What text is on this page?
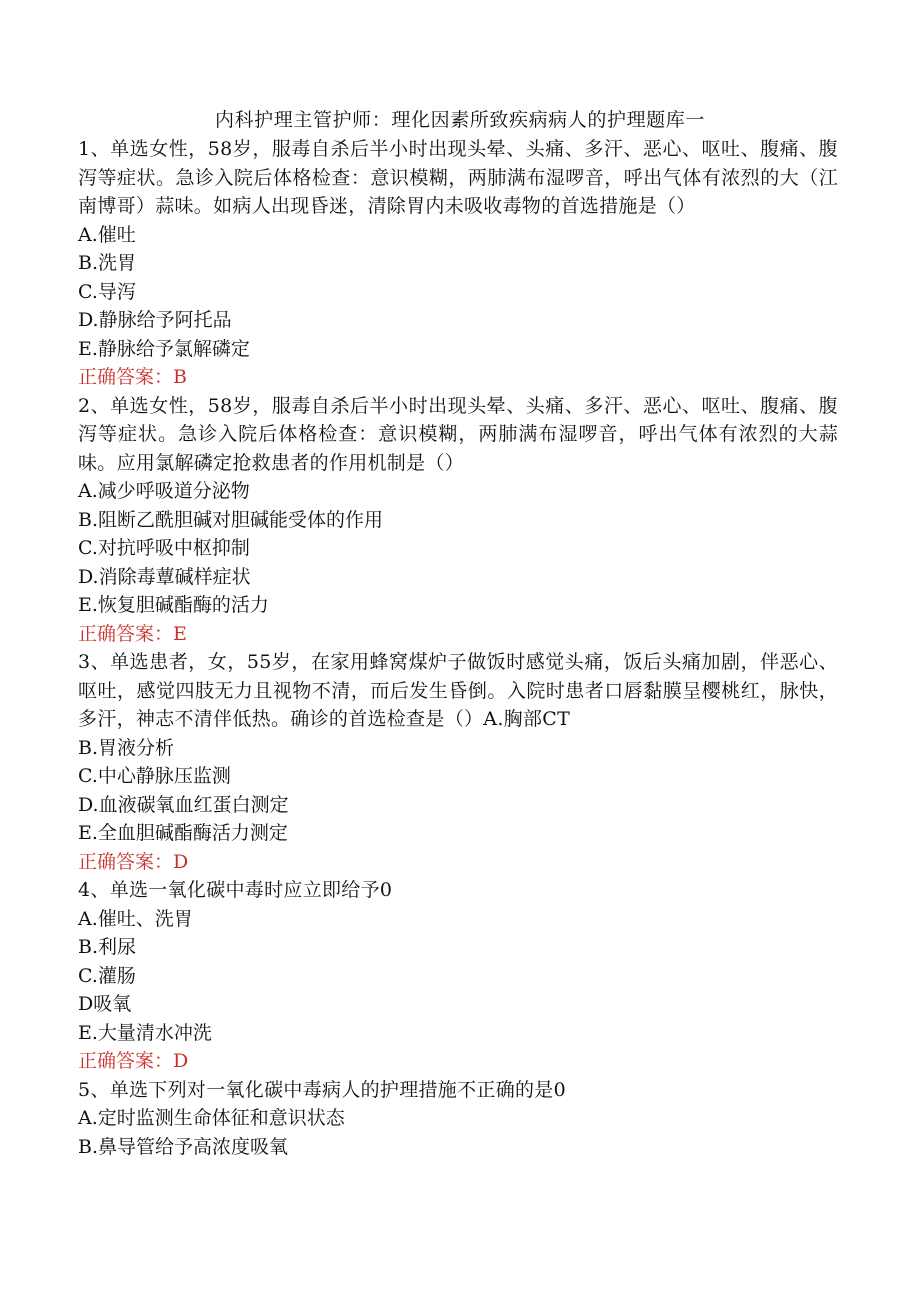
内科护理主管护师：理化因素所致疾病病人的护理题库一

1、单选女性，58岁，服毒自杀后半小时出现头晕、头痛、多汗、恶心、呕吐、腹痛、腹泻等症状。急诊入院后体格检查：意识模糊，两肺满布湿啰音，呼出气体有浓烈的大（江南博哥）蒜味。如病人出现昏迷，清除胃内未吸收毒物的首选措施是（）

A.催吐

B.洗胃

C.导泻

D.静脉给予阿托品

E.静脉给予氯解磷定

正确答案：B

2、单选女性，58岁，服毒自杀后半小时出现头晕、头痛、多汗、恶心、呕吐、腹痛、腹泻等症状。急诊入院后体格检查：意识模糊，两肺满布湿啰音，呼出气体有浓烈的大蒜味。应用氯解磷定抢救患者的作用机制是（）

A.减少呼吸道分泌物

B.阻断乙酰胆碱对胆碱能受体的作用

C.对抗呼吸中枢抑制

D.消除毒蕈碱样症状

E.恢复胆碱酯酶的活力

正确答案：E

3、单选患者，女，55岁，在家用蜂窝煤炉子做饭时感觉头痛，饭后头痛加剧，伴恶心、呕吐，感觉四肢无力且视物不清，而后发生昏倒。入院时患者口唇黏膜呈樱桃红，脉快，多汗，神志不清伴低热。确诊的首选检查是（）A.胸部CT

B.胃液分析

C.中心静脉压监测

D.血液碳氧血红蛋白测定

E.全血胆碱酯酶活力测定

正确答案：D

4、单选一氧化碳中毒时应立即给予0

A.催吐、洗胃

B.利尿

C.灌肠

D吸氧

E.大量清水冲洗

正确答案：D

5、单选下列对一氧化碳中毒病人的护理措施不正确的是0

A.定时监测生命体征和意识状态

B.鼻导管给予高浓度吸氧
